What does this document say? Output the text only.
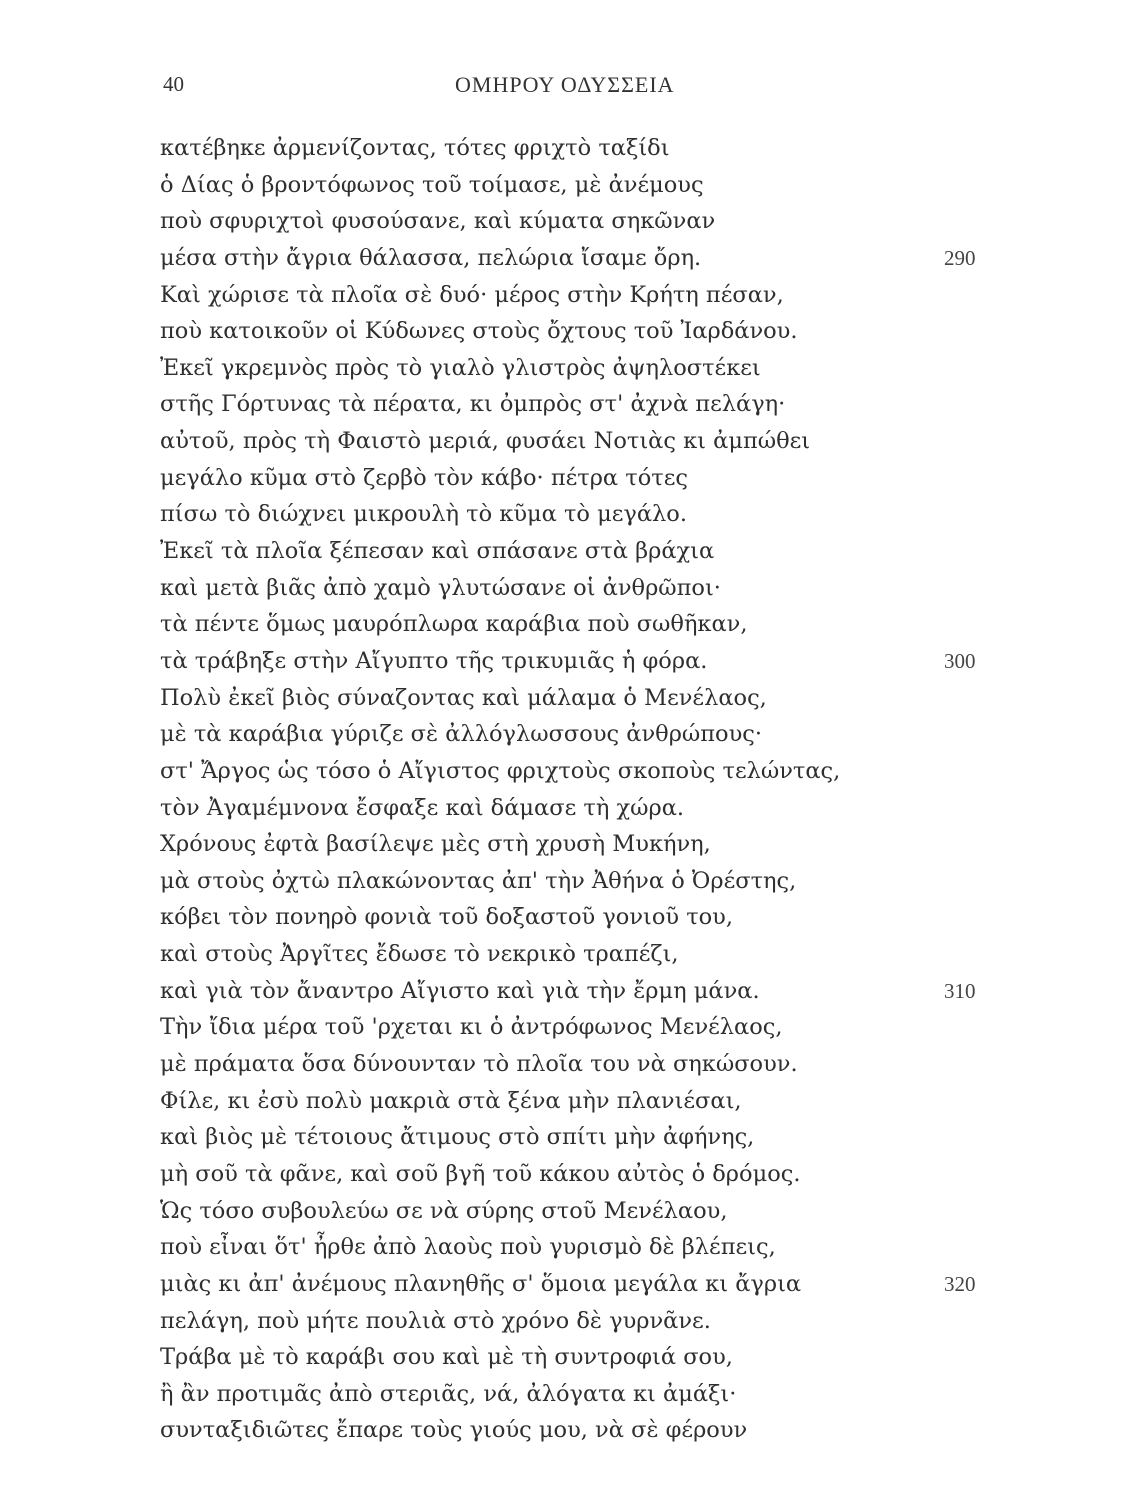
40	ΟΜΗΡΟΥ ΟΔΥΣΣΕΙΑ
κατέβηκε ἀρμενίζοντας, τότες φριχτὸ ταξίδι
ὁ Δίας ὁ βροντόφωνος τοῦ τοίμασε, μὲ ἀνέμους
ποὺ σφυριχτοὶ φυσούσανε, καὶ κύματα σηκῶναν
μέσα στὴν ἄγρια θάλασσα, πελώρια ἴσαμε ὄρη.	290
Καὶ χώρισε τὰ πλοῖα σὲ δυό· μέρος στὴν Κρήτη πέσαν,
ποὺ κατοικοῦν οἱ Κύδωνες στοὺς ὄχτους τοῦ Ἰαρδάνου.
Ἐκεῖ γκρεμνὸς πρὸς τὸ γιαλὸ γλιστρὸς ἀψηλοστέκει
στῆς Γόρτυνας τὰ πέρατα, κι ὀμπρὸς στ' ἀχνὰ πελάγη·
αὐτοῦ, πρὸς τὴ Φαιστὸ μεριά, φυσάει Νοτιὰς κι ἀμπώθει
μεγάλο κῦμα στὸ ζερβὸ τὸν κάβο· πέτρα τότες
πίσω τὸ διώχνει μικρουλὴ τὸ κῦμα τὸ μεγάλο.
Ἐκεῖ τὰ πλοῖα ξέπεσαν καὶ σπάσανε στὰ βράχια
καὶ μετὰ βιᾶς ἀπὸ χαμὸ γλυτώσανε οἱ ἀνθρῶποι·
τὰ πέντε ὅμως μαυρόπλωρα καράβια ποὺ σωθῆκαν,
τὰ τράβηξε στὴν Αἴγυπτο τῆς τρικυμιᾶς ἡ φόρα.	300
Πολὺ ἐκεῖ βιὸς σύναζοντας καὶ μάλαμα ὁ Μενέλαος,
μὲ τὰ καράβια γύριζε σὲ ἀλλόγλωσσους ἀνθρώπους·
στ' Ἄργος ὡς τόσο ὁ Αἴγιστος φριχτοὺς σκοποὺς τελώντας,
τὸν Ἀγαμέμνονα ἔσφαξε καὶ δάμασε τὴ χώρα.
Χρόνους ἐφτὰ βασίλεψε μὲς στὴ χρυσὴ Μυκήνη,
μὰ στοὺς ὀχτὼ πλακώνοντας ἀπ' τὴν Ἀθήνα ὁ Ὀρέστης,
κόβει τὸν πονηρὸ φονιὰ τοῦ δοξαστοῦ γονιοῦ του,
καὶ στοὺς Ἀργῖτες ἔδωσε τὸ νεκρικὸ τραπέζι,
καὶ γιὰ τὸν ἄναντρο Αἴγιστο καὶ γιὰ τὴν ἔρμη μάνα.	310
Τὴν ἴδια μέρα τοῦ 'ρχεται κι ὁ ἀντρόφωνος Μενέλαος,
μὲ πράματα ὅσα δύνουνταν τὸ πλοῖα του νὰ σηκώσουν.
Φίλε, κι ἐσὺ πολὺ μακριὰ στὰ ξένα μὴν πλανιέσαι,
καὶ βιὸς μὲ τέτοιους ἄτιμους στὸ σπίτι μὴν ἀφήνης,
μὴ σοῦ τὰ φᾶνε, καὶ σοῦ βγῆ τοῦ κάκου αὐτὸς ὁ δρόμος.
Ὡς τόσο συβουλεύω σε νὰ σύρης στοῦ Μενέλαου,
ποὺ εἶναι ὅτ' ἦρθε ἀπὸ λαοὺς ποὺ γυρισμὸ δὲ βλέπεις,
μιὰς κι ἀπ' ἀνέμους πλανηθῆς σ' ὅμοια μεγάλα κι ἄγρια	320
πελάγη, ποὺ μήτε πουλιὰ στὸ χρόνο δὲ γυρνᾶνε.
Τράβα μὲ τὸ καράβι σου καὶ μὲ τὴ συντροφιά σου,
ἢ ἂν προτιμᾶς ἀπὸ στεριᾶς, νά, ἀλόγατα κι ἀμάξι·
συνταξιδιῶτες ἔπαρε τοὺς γιούς μου, νὰ σὲ φέρουν
